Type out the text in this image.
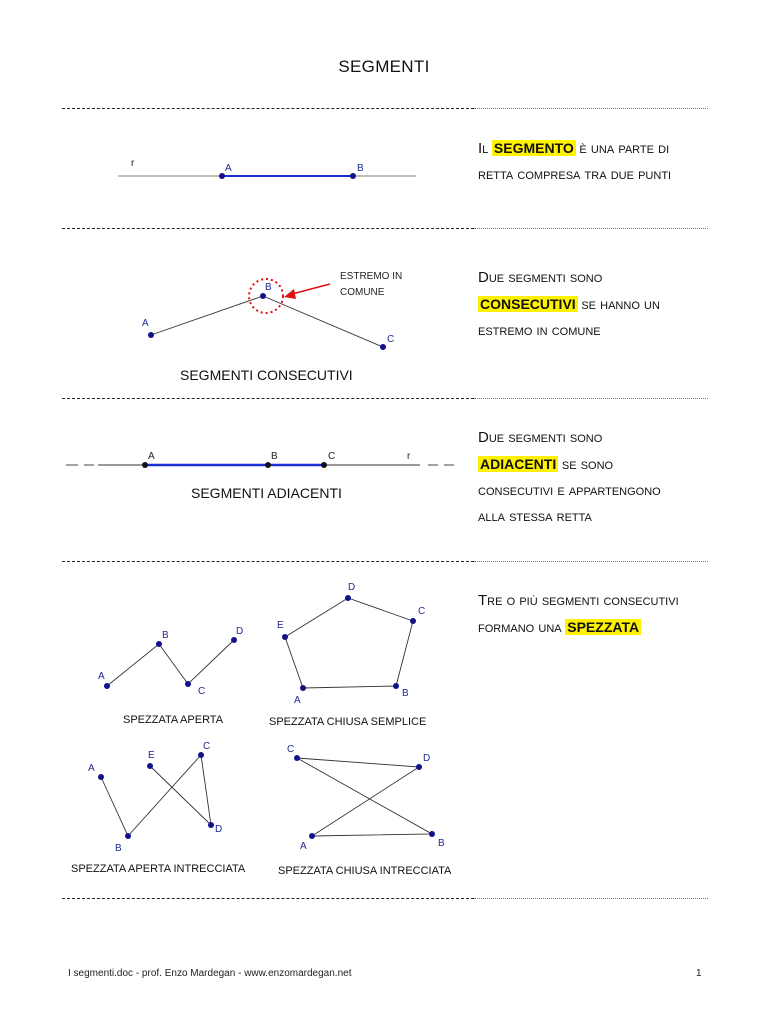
SEGMENTI
r	A	B
A
B
C
ESTREMO IN
COMUNE
A	B	C	r
A
B
C
D
A
B
C
D
E
A
B
C
D
E
A	B
C
D
Il SEGMENTO è una parte di
retta compresa tra due punti
SEGMENTI CONSECUTIVI
Due segmenti sono
CONSECUTIVI se hanno un
estremo in comune
SEGMENTI ADIACENTI
Due segmenti sono
ADIACENTI se sono
consecutivi e appartengono
alla stessa retta
SPEZZATA APERTA	SPEZZATA CHIUSA SEMPLICE
SPEZZATA APERTA INTRECCIATA	SPEZZATA CHIUSA INTRECCIATA
Tre o più segmenti consecutivi
formano una SPEZZATA
I segmenti.doc - prof. Enzo Mardegan - www.enzomardegan.net	1
